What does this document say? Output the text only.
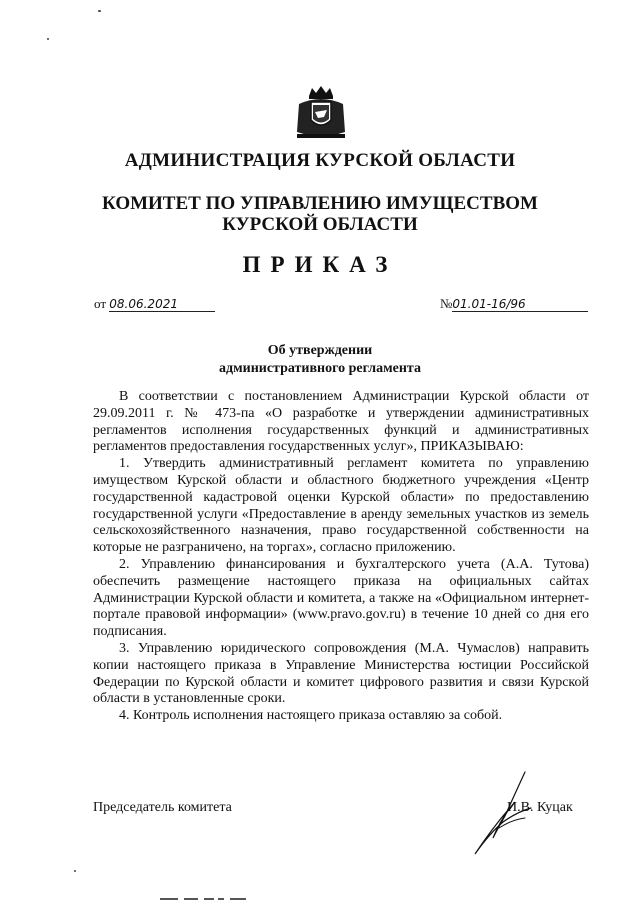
АДМИНИСТРАЦИЯ КУРСКОЙ ОБЛАСТИ
КОМИТЕТ ПО УПРАВЛЕНИЮ ИМУЩЕСТВОМ
КУРСКОЙ ОБЛАСТИ
ПРИКАЗ
от 08.06.2021	№01.01-16/96
Об утверждении
административного регламента

В соответствии с постановлением Администрации Курской области от 29.09.2011 г. № 473-па «О разработке и утверждении административных регламентов исполнения государственных функций и административных регламентов предоставления государственных услуг», ПРИКАЗЫВАЮ:

1. Утвердить административный регламент комитета по управлению имуществом Курской области и областного бюджетного учреждения «Центр государственной кадастровой оценки Курской области» по предоставлению государственной услуги «Предоставление в аренду земельных участков из земель сельскохозяйственного назначения, право государственной собственности на которые не разграничено, на торгах», согласно приложению.

2. Управлению финансирования и бухгалтерского учета (А.А. Тутова) обеспечить размещение настоящего приказа на официальных сайтах Администрации Курской области и комитета, а также на «Официальном интернет-портале правовой информации» (www.pravo.gov.ru) в течение 10 дней со дня его подписания.

3. Управлению юридического сопровождения (М.А. Чумаслов) направить копии настоящего приказа в Управление Министерства юстиции Российской Федерации по Курской области и комитет цифрового развития и связи Курской области в установленные сроки.

4. Контроль исполнения настоящего приказа оставляю за собой.

Председатель комитета	И.В. Куцак
